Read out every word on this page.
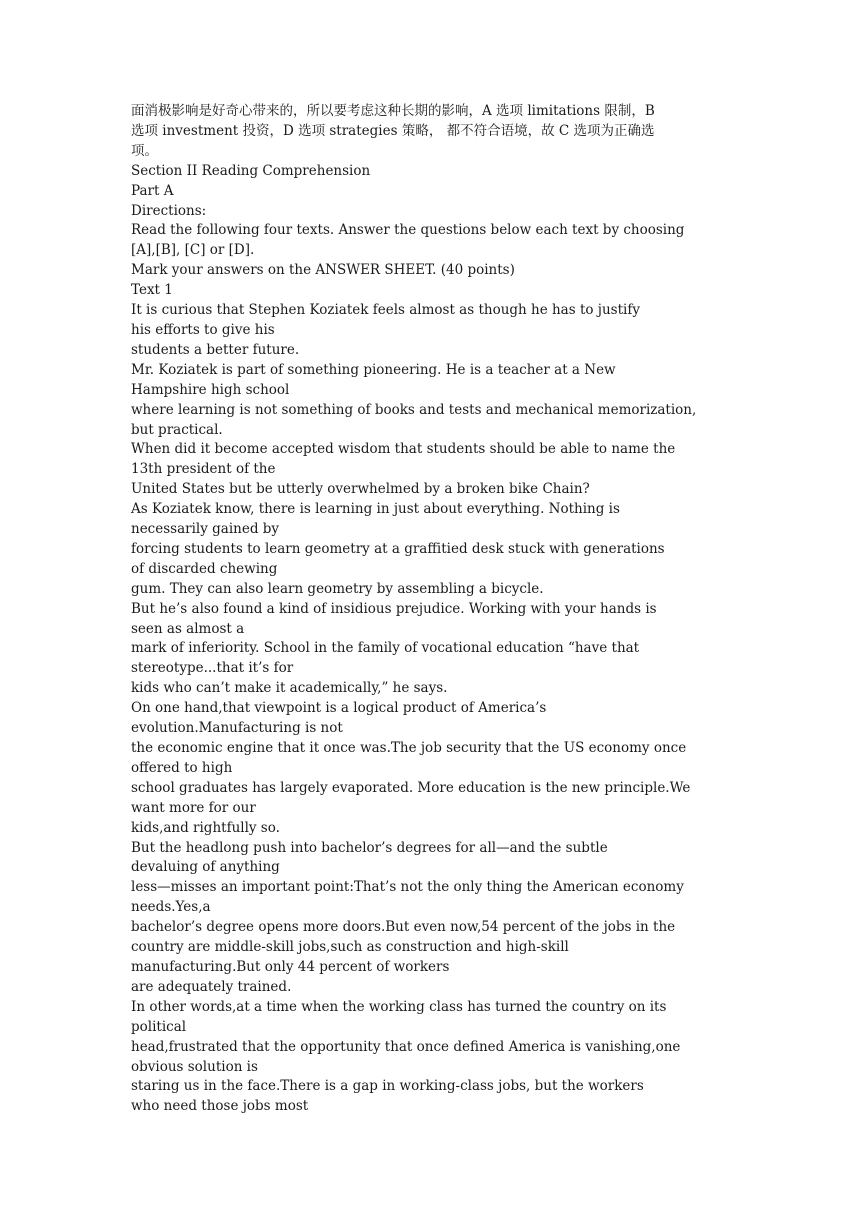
面消极影响是好奇心带来的，所以要考虑这种长期的影响，A 选项 limitations 限制，B
选项 investment 投资，D 选项 strategies 策略， 都不符合语境，故 C 选项为正确选
项。
Section II Reading Comprehension
Part A
Directions:
Read the following four texts. Answer the questions below each text by choosing
[A],[B], [C] or [D].
Mark your answers on the ANSWER SHEET. (40 points)
Text 1
It is curious that Stephen Koziatek feels almost as though he has to justify
his efforts to give his
students a better future.
Mr. Koziatek is part of something pioneering. He is a teacher at a New
Hampshire high school
where learning is not something of books and tests and mechanical memorization,
but practical.
When did it become accepted wisdom that students should be able to name the
13th president of the
United States but be utterly overwhelmed by a broken bike Chain?
As Koziatek know, there is learning in just about everything. Nothing is
necessarily gained by
forcing students to learn geometry at a graffitied desk stuck with generations
of discarded chewing
gum. They can also learn geometry by assembling a bicycle.
But he’s also found a kind of insidious prejudice. Working with your hands is
seen as almost a
mark of inferiority. School in the family of vocational education “have that
stereotype...that it’s for
kids who can’t make it academically,” he says.
On one hand,that viewpoint is a logical product of America’s
evolution.Manufacturing is not
the economic engine that it once was.The job security that the US economy once
offered to high
school graduates has largely evaporated. More education is the new principle.We
want more for our
kids,and rightfully so.
But the headlong push into bachelor’s degrees for all—and the subtle
devaluing of anything
less—misses an important point:That’s not the only thing the American economy
needs.Yes,a
bachelor’s degree opens more doors.But even now,54 percent of the jobs in the
country are middle-skill jobs,such as construction and high-skill
manufacturing.But only 44 percent of workers
are adequately trained.
In other words,at a time when the working class has turned the country on its
political
head,frustrated that the opportunity that once defined America is vanishing,one
obvious solution is
staring us in the face.There is a gap in working-class jobs, but the workers
who need those jobs most
